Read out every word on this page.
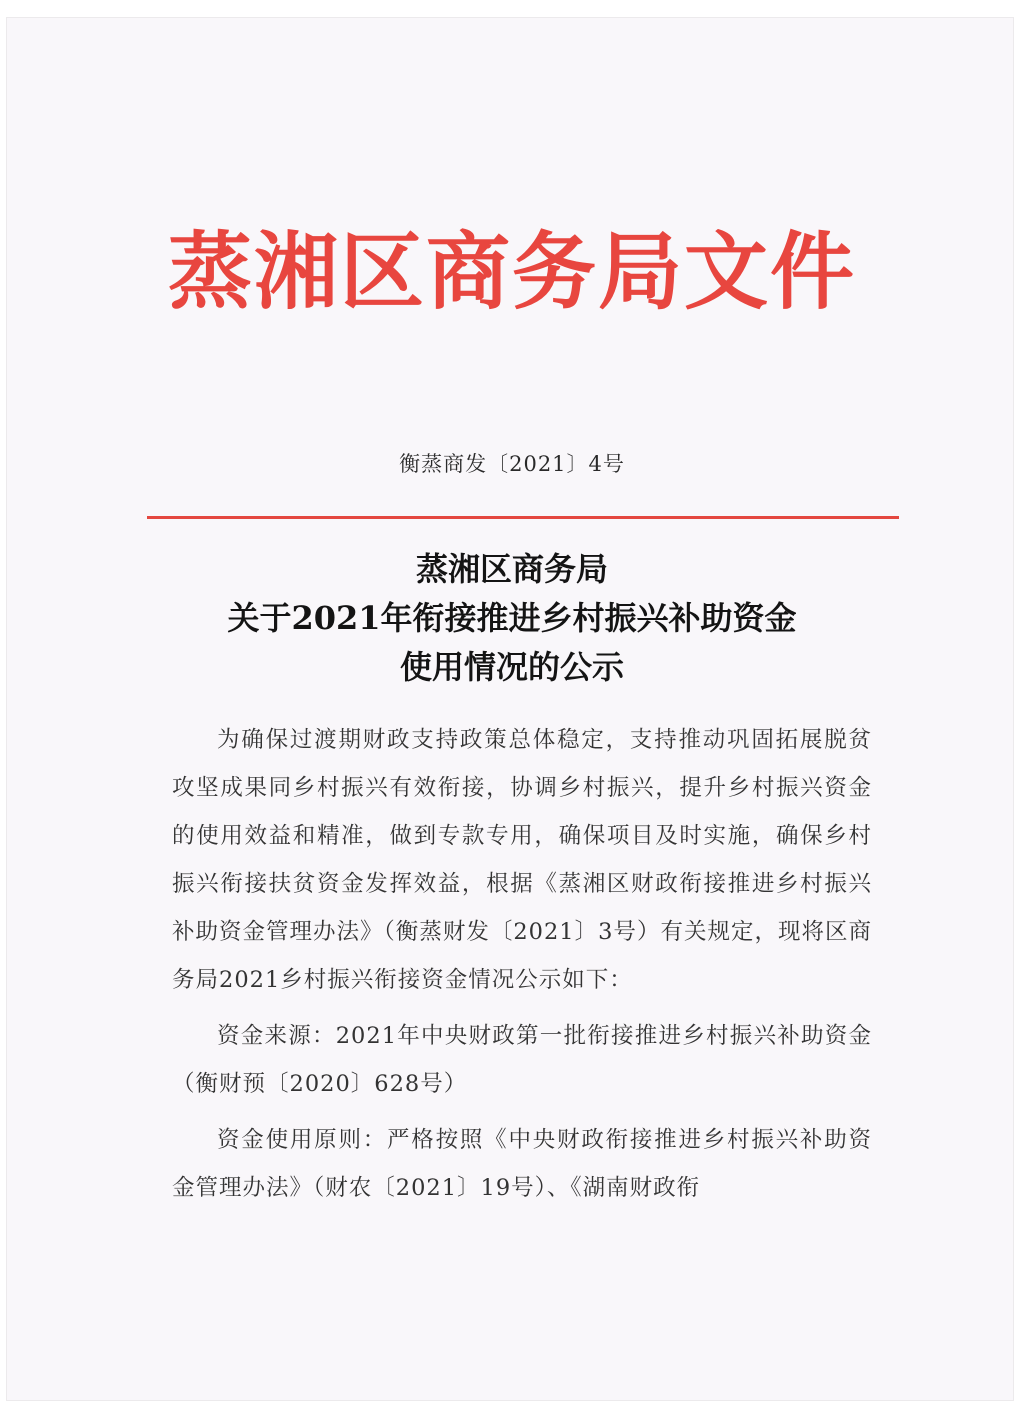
蒸湘区商务局文件
衡蒸商发〔2021〕4号
蒸湘区商务局
关于2021年衔接推进乡村振兴补助资金
使用情况的公示

为确保过渡期财政支持政策总体稳定，支持推动巩固拓展脱贫攻坚成果同乡村振兴有效衔接，协调乡村振兴，提升乡村振兴资金的使用效益和精准，做到专款专用，确保项目及时实施，确保乡村振兴衔接扶贫资金发挥效益，根据《蒸湘区财政衔接推进乡村振兴补助资金管理办法》（衡蒸财发〔2021〕3号）有关规定，现将区商务局2021乡村振兴衔接资金情况公示如下：

资金来源：2021年中央财政第一批衔接推进乡村振兴补助资金（衡财预〔2020〕628号）

资金使用原则：严格按照《中央财政衔接推进乡村振兴补助资金管理办法》（财农〔2021〕19号）、《湖南财政衔
